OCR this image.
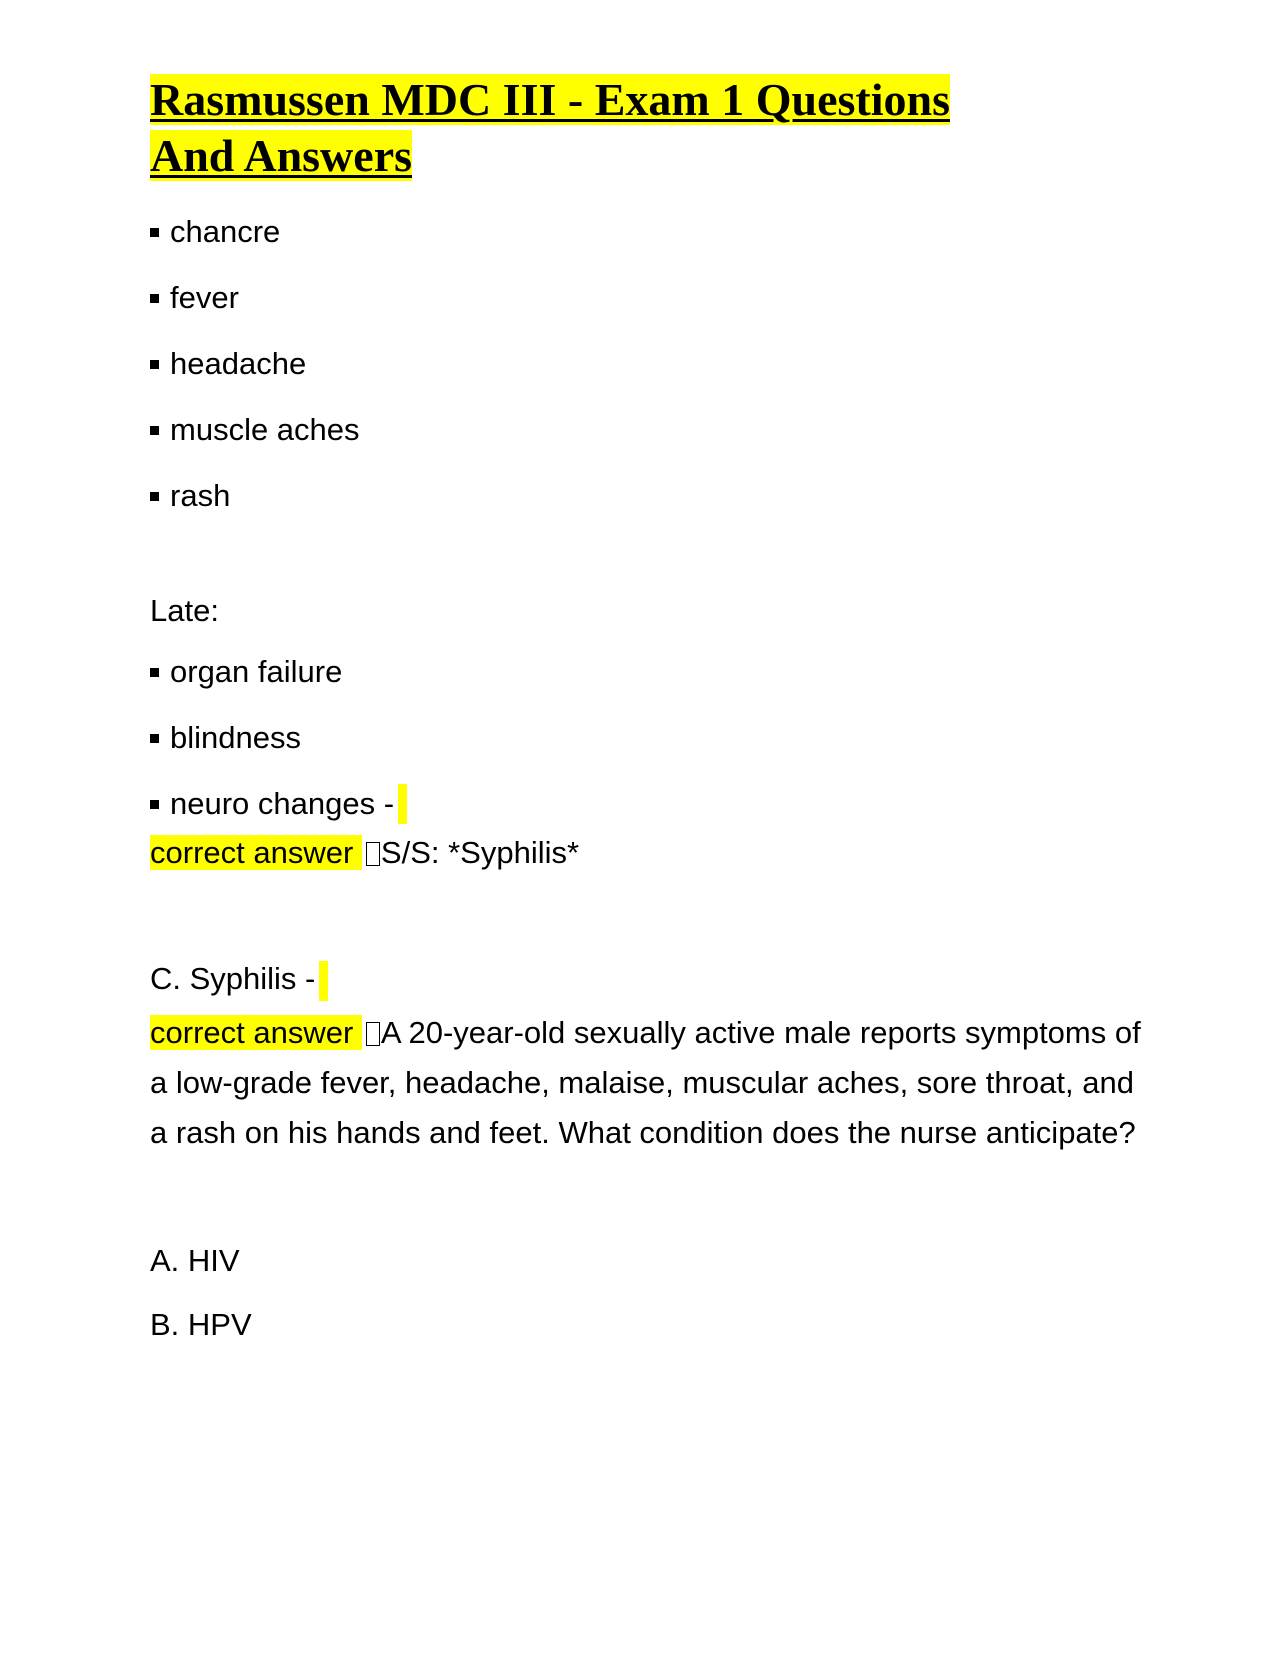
Rasmussen MDC III - Exam 1 Questions
And Answers
chancre
fever
headache
muscle aches
rash

Late:

organ failure
blindness
neuro changes -

correct answer S/S: *Syphilis*

C. Syphilis -

correct answer A 20-year-old sexually active male reports symptoms of a low-grade fever, headache, malaise, muscular aches, sore throat, and a rash on his hands and feet. What condition does the nurse anticipate?

A. HIV

B. HPV
